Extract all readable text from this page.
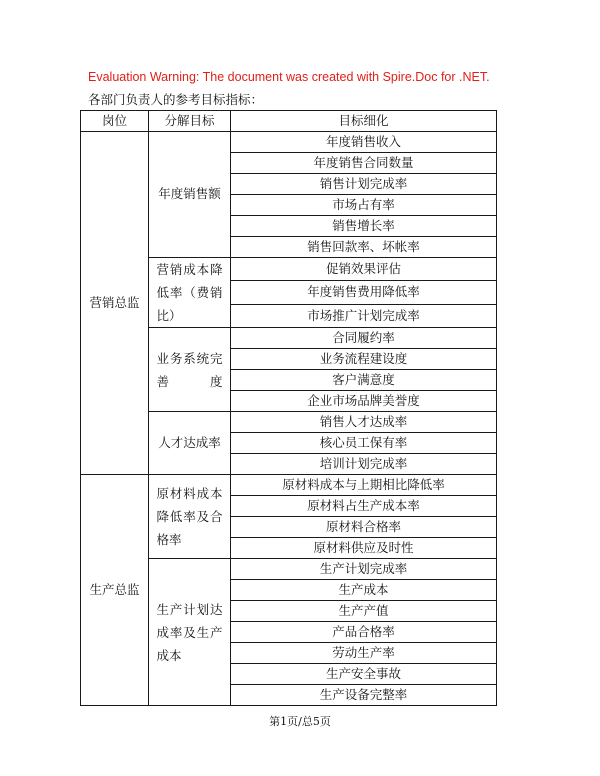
Evaluation Warning: The document was created with Spire.Doc for .NET.
各部门负责人的参考目标指标：
岗位	分解目标	目标细化
营销总监	年度销售额	年度销售收入
		年度销售合同数量
		销售计划完成率
		市场占有率
		销售增长率
		销售回款率、坏帐率
	营销成本降低率（费销比）	促销效果评估
		年度销售费用降低率
		市场推广计划完成率
	业务系统完善度	合同履约率
		业务流程建设度
		客户满意度
		企业市场品牌美誉度
	人才达成率	销售人才达成率
		核心员工保有率
		培训计划完成率
生产总监	原材料成本降低率及合格率	原材料成本与上期相比降低率
		原材料占生产成本率
		原材料合格率
		原材料供应及时性
	生产计划达成率及生产成本	生产计划完成率
		生产成本
		生产产值
		产品合格率
		劳动生产率
		生产安全事故
		生产设备完整率
第1页/总5页
